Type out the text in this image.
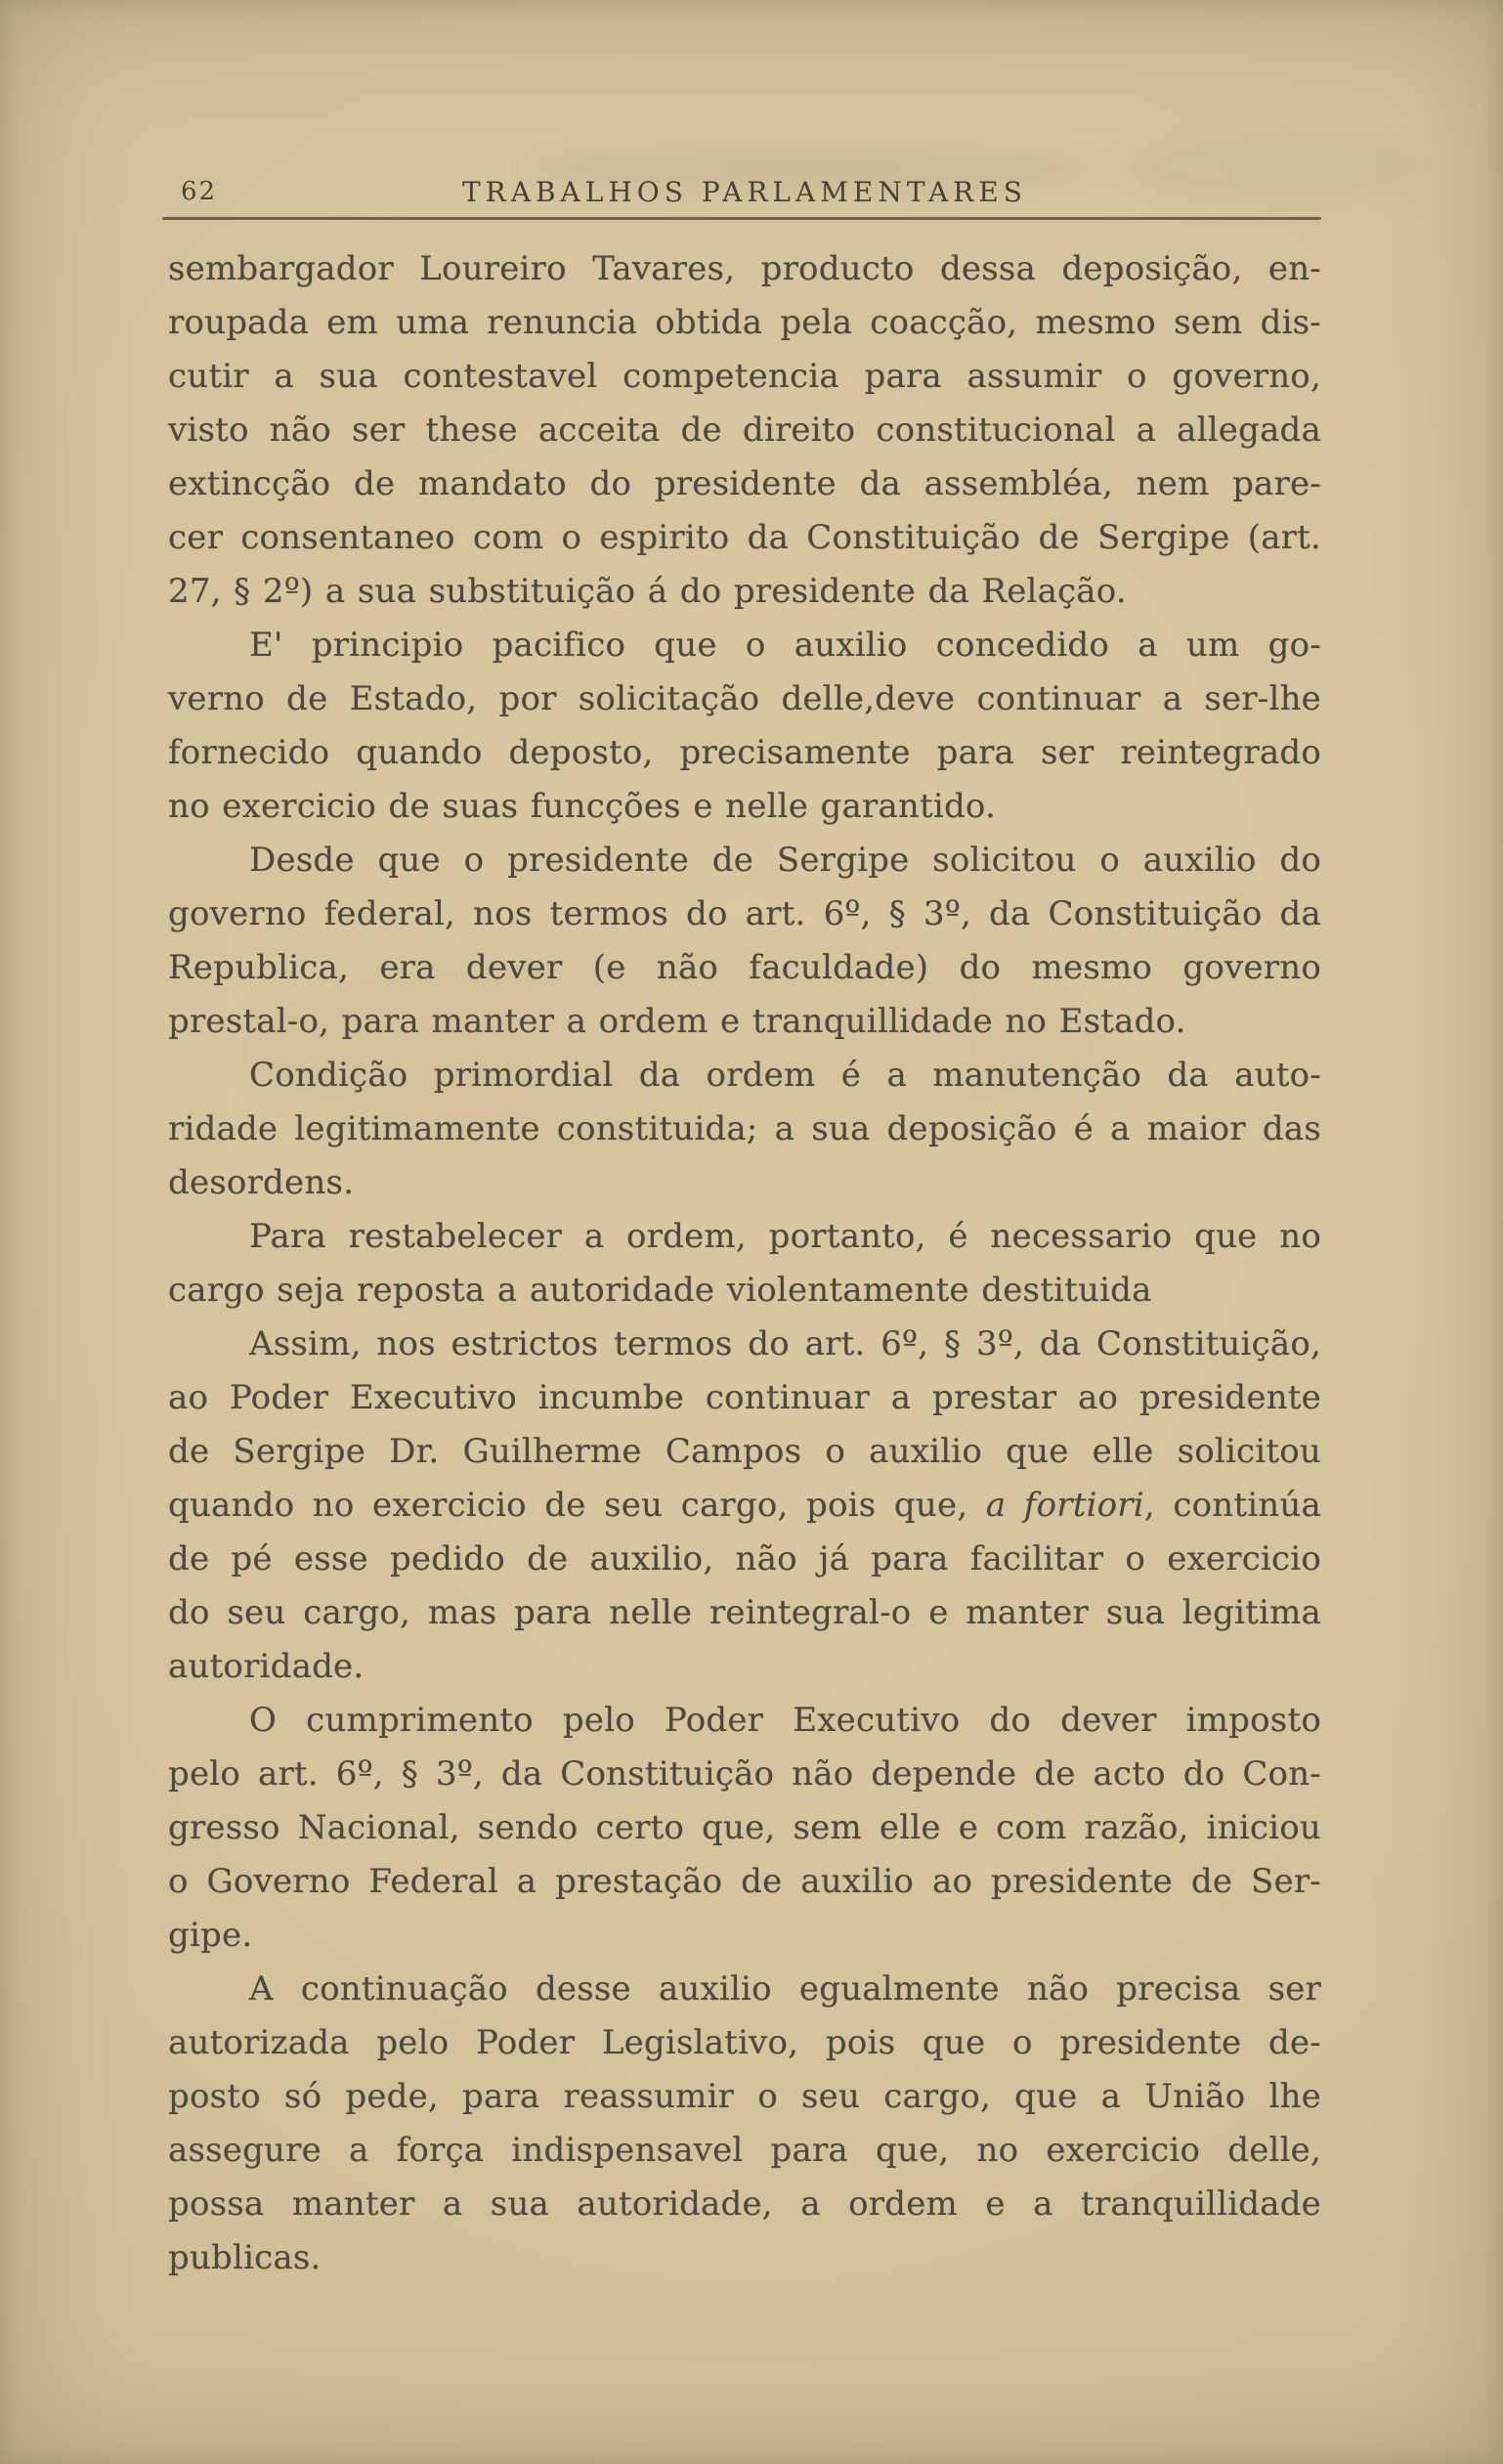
62	TRABALHOS PARLAMENTARES
sembargador Loureiro Tavares, producto dessa deposição, en-
roupada em uma renuncia obtida pela coacção, mesmo sem dis-
cutir a sua contestavel competencia para assumir o governo,
visto não ser these acceita de direito constitucional a allegada
extincção de mandato do presidente da assembléa, nem pare-
cer consentaneo com o espirito da Constituição de Sergipe (art.
27, § 2º) a sua substituição á do presidente da Relação.
E' principio pacifico que o auxilio concedido a um go-
verno de Estado, por solicitação delle,deve continuar a ser-lhe
fornecido quando deposto, precisamente para ser reintegrado
no exercicio de suas funcções e nelle garantido.
Desde que o presidente de Sergipe solicitou o auxilio do
governo federal, nos termos do art. 6º, § 3º, da Constituição da
Republica, era dever (e não faculdade) do mesmo governo
prestal-o, para manter a ordem e tranquillidade no Estado.
Condição primordial da ordem é a manutenção da auto-
ridade legitimamente constituida; a sua deposição é a maior das
desordens.
Para restabelecer a ordem, portanto, é necessario que no
cargo seja reposta a autoridade violentamente destituida
Assim, nos estrictos termos do art. 6º, § 3º, da Constituição,
ao Poder Executivo incumbe continuar a prestar ao presidente
de Sergipe Dr. Guilherme Campos o auxilio que elle solicitou
quando no exercicio de seu cargo, pois que, a fortiori, continúa
de pé esse pedido de auxilio, não já para facilitar o exercicio
do seu cargo, mas para nelle reintegral-o e manter sua legitima
autoridade.
O cumprimento pelo Poder Executivo do dever imposto
pelo art. 6º, § 3º, da Constituição não depende de acto do Con-
gresso Nacional, sendo certo que, sem elle e com razão, iniciou
o Governo Federal a prestação de auxilio ao presidente de Ser-
gipe.
A continuação desse auxilio egualmente não precisa ser
autorizada pelo Poder Legislativo, pois que o presidente de-
posto só pede, para reassumir o seu cargo, que a União lhe
assegure a força indispensavel para que, no exercicio delle,
possa manter a sua autoridade, a ordem e a tranquillidade
publicas.
